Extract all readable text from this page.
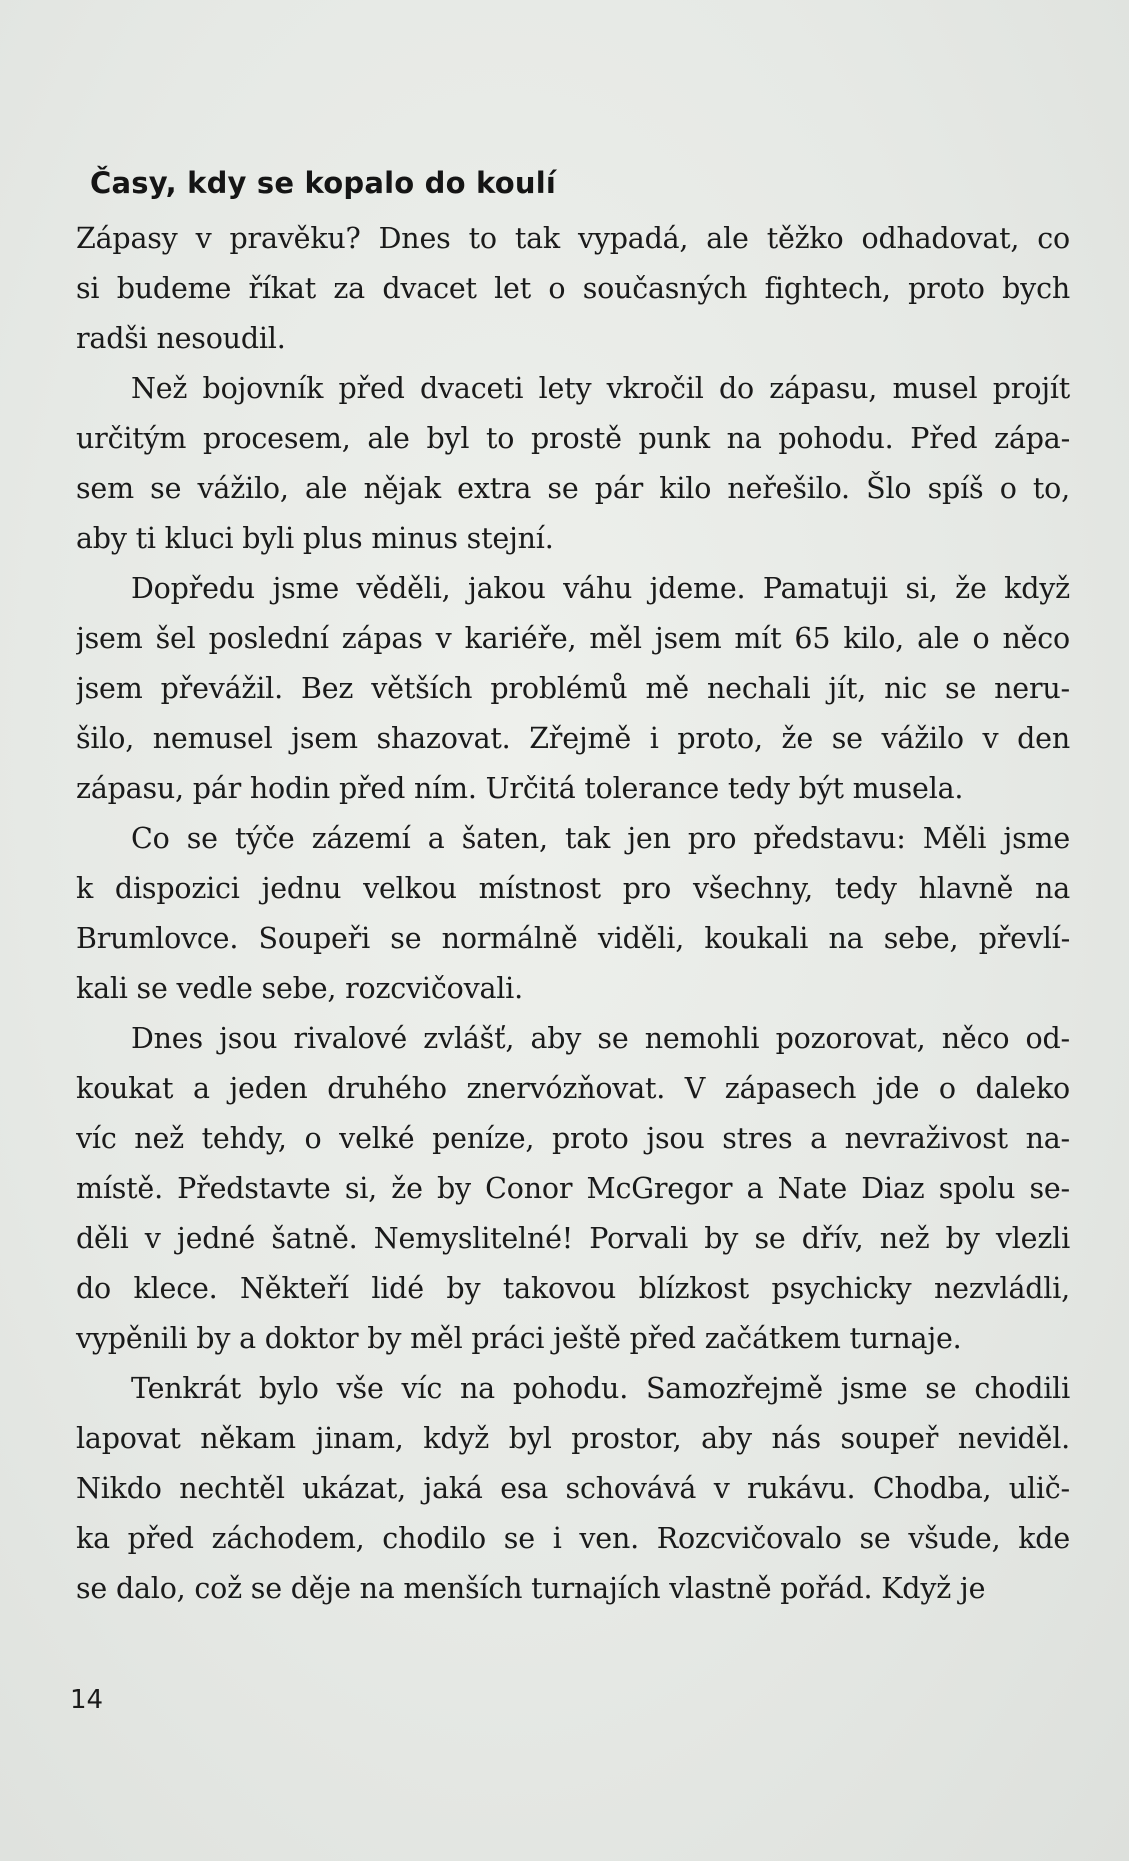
Časy, kdy se kopalo do koulí
Zápasy v pravěku? Dnes to tak vypadá, ale těžko odhadovat, co
si budeme říkat za dvacet let o současných fightech, proto bych
radši nesoudil.
Než bojovník před dvaceti lety vkročil do zápasu, musel projít
určitým procesem, ale byl to prostě punk na pohodu. Před zápa-
sem se vážilo, ale nějak extra se pár kilo neřešilo. Šlo spíš o to,
aby ti kluci byli plus minus stejní.
Dopředu jsme věděli, jakou váhu jdeme. Pamatuji si, že když
jsem šel poslední zápas v kariéře, měl jsem mít 65 kilo, ale o něco
jsem převážil. Bez větších problémů mě nechali jít, nic se neru-
šilo, nemusel jsem shazovat. Zřejmě i proto, že se vážilo v den
zápasu, pár hodin před ním. Určitá tolerance tedy být musela.
Co se týče zázemí a šaten, tak jen pro představu: Měli jsme
k dispozici jednu velkou místnost pro všechny, tedy hlavně na
Brumlovce. Soupeři se normálně viděli, koukali na sebe, převlí-
kali se vedle sebe, rozcvičovali.
Dnes jsou rivalové zvlášť, aby se nemohli pozorovat, něco od-
koukat a jeden druhého znervózňovat. V zápasech jde o daleko
víc než tehdy, o velké peníze, proto jsou stres a nevraživost na-
místě. Představte si, že by Conor McGregor a Nate Diaz spolu se-
děli v jedné šatně. Nemyslitelné! Porvali by se dřív, než by vlezli
do klece. Někteří lidé by takovou blízkost psychicky nezvládli,
vypěnili by a doktor by měl práci ještě před začátkem turnaje.
Tenkrát bylo vše víc na pohodu. Samozřejmě jsme se chodili
lapovat někam jinam, když byl prostor, aby nás soupeř neviděl.
Nikdo nechtěl ukázat, jaká esa schovává v rukávu. Chodba, ulič-
ka před záchodem, chodilo se i ven. Rozcvičovalo se všude, kde
se dalo, což se děje na menších turnajích vlastně pořád. Když je
14
